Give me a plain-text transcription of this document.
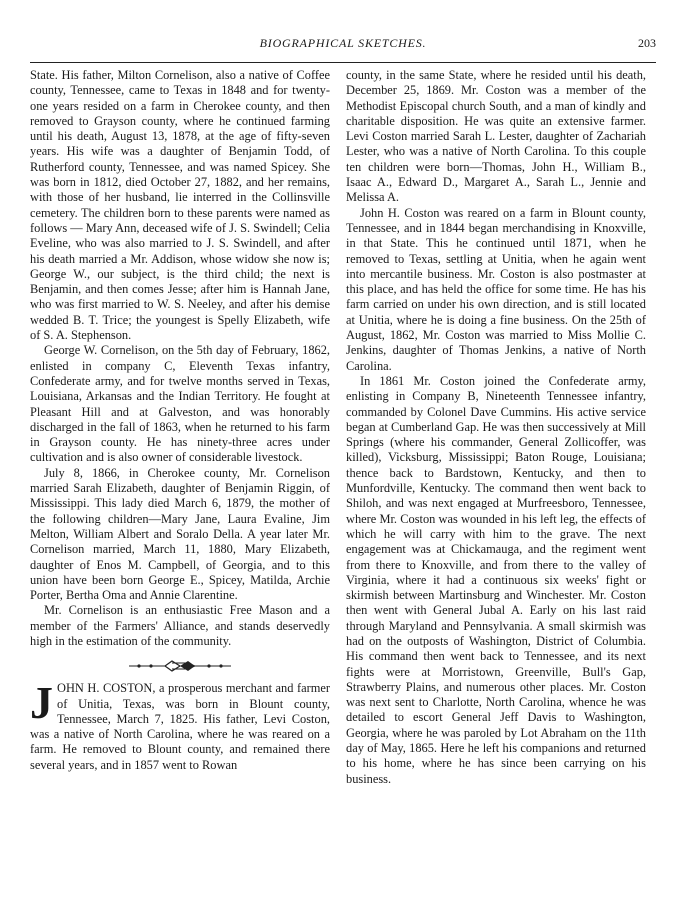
BIOGRAPHICAL SKETCHES.	203

State. His father, Milton Cornelison, also a native of Coffee county, Tennessee, came to Texas in 1848 and for twenty-one years resided on a farm in Cherokee county, and then removed to Grayson county, where he continued farming until his death, August 13, 1878, at the age of fifty-seven years. His wife was a daughter of Benjamin Todd, of Rutherford county, Tennessee, and was named Spicey. She was born in 1812, died October 27, 1882, and her remains, with those of her husband, lie interred in the Collinsville cemetery. The children born to these parents were named as follows — Mary Ann, deceased wife of J. S. Swindell; Celia Eveline, who was also married to J. S. Swindell, and after his death married a Mr. Addison, whose widow she now is; George W., our subject, is the third child; the next is Benjamin, and then comes Jesse; after him is Hannah Jane, who was first married to W. S. Neeley, and after his demise wedded B. T. Trice; the youngest is Spelly Elizabeth, wife of S. A. Stephenson.

George W. Cornelison, on the 5th day of February, 1862, enlisted in company C, Eleventh Texas infantry, Confederate army, and for twelve months served in Texas, Louisiana, Arkansas and the Indian Territory. He fought at Pleasant Hill and at Galveston, and was honorably discharged in the fall of 1863, when he returned to his farm in Grayson county. He has ninety-three acres under cultivation and is also owner of considerable livestock.

July 8, 1866, in Cherokee county, Mr. Cornelison married Sarah Elizabeth, daughter of Benjamin Riggin, of Mississippi. This lady died March 6, 1879, the mother of the following children—Mary Jane, Laura Evaline, Jim Melton, William Albert and Soralo Della. A year later Mr. Cornelison married, March 11, 1880, Mary Elizabeth, daughter of Enos M. Campbell, of Georgia, and to this union have been born George E., Spicey, Matilda, Archie Porter, Bertha Oma and Annie Clarentine.

Mr. Cornelison is an enthusiastic Free Mason and a member of the Farmers' Alliance, and stands deservedly high in the estimation of the community.

JOHN H. COSTON, a prosperous merchant and farmer of Unitia, Texas, was born in Blount county, Tennessee, March 7, 1825. His father, Levi Coston, was a native of North Carolina, where he was reared on a farm. He removed to Blount county, and remained there several years, and in 1857 went to Rowan

county, in the same State, where he resided until his death, December 25, 1869. Mr. Coston was a member of the Methodist Episcopal church South, and a man of kindly and charitable disposition. He was quite an extensive farmer. Levi Coston married Sarah L. Lester, daughter of Zachariah Lester, who was a native of North Carolina. To this couple ten children were born—Thomas, John H., William B., Isaac A., Edward D., Margaret A., Sarah L., Jennie and Melissa A.

John H. Coston was reared on a farm in Blount county, Tennessee, and in 1844 began merchandising in Knoxville, in that State. This he continued until 1871, when he removed to Texas, settling at Unitia, when he again went into mercantile business. Mr. Coston is also postmaster at this place, and has held the office for some time. He has his farm carried on under his own direction, and is still located at Unitia, where he is doing a fine business. On the 25th of August, 1862, Mr. Coston was married to Miss Mollie C. Jenkins, daughter of Thomas Jenkins, a native of North Carolina.

In 1861 Mr. Coston joined the Confederate army, enlisting in Company B, Nineteenth Tennessee infantry, commanded by Colonel Dave Cummins. His active service began at Cumberland Gap. He was then successively at Mill Springs (where his commander, General Zollicoffer, was killed), Vicksburg, Mississippi; Baton Rouge, Louisiana; thence back to Bardstown, Kentucky, and then to Munfordville, Kentucky. The command then went back to Shiloh, and was next engaged at Murfreesboro, Tennessee, where Mr. Coston was wounded in his left leg, the effects of which he will carry with him to the grave. The next engagement was at Chickamauga, and the regiment went from there to Knoxville, and from there to the valley of Virginia, where it had a continuous six weeks' fight or skirmish between Martinsburg and Winchester. Mr. Coston then went with General Jubal A. Early on his last raid through Maryland and Pennsylvania. A small skirmish was had on the outposts of Washington, District of Columbia. His command then went back to Tennessee, and its next fights were at Morristown, Greenville, Bull's Gap, Strawberry Plains, and numerous other places. Mr. Coston was next sent to Charlotte, North Carolina, whence he was detailed to escort General Jeff Davis to Washington, Georgia, where he was paroled by Lot Abraham on the 11th day of May, 1865. Here he left his companions and returned to his home, where he has since been carrying on his business.
